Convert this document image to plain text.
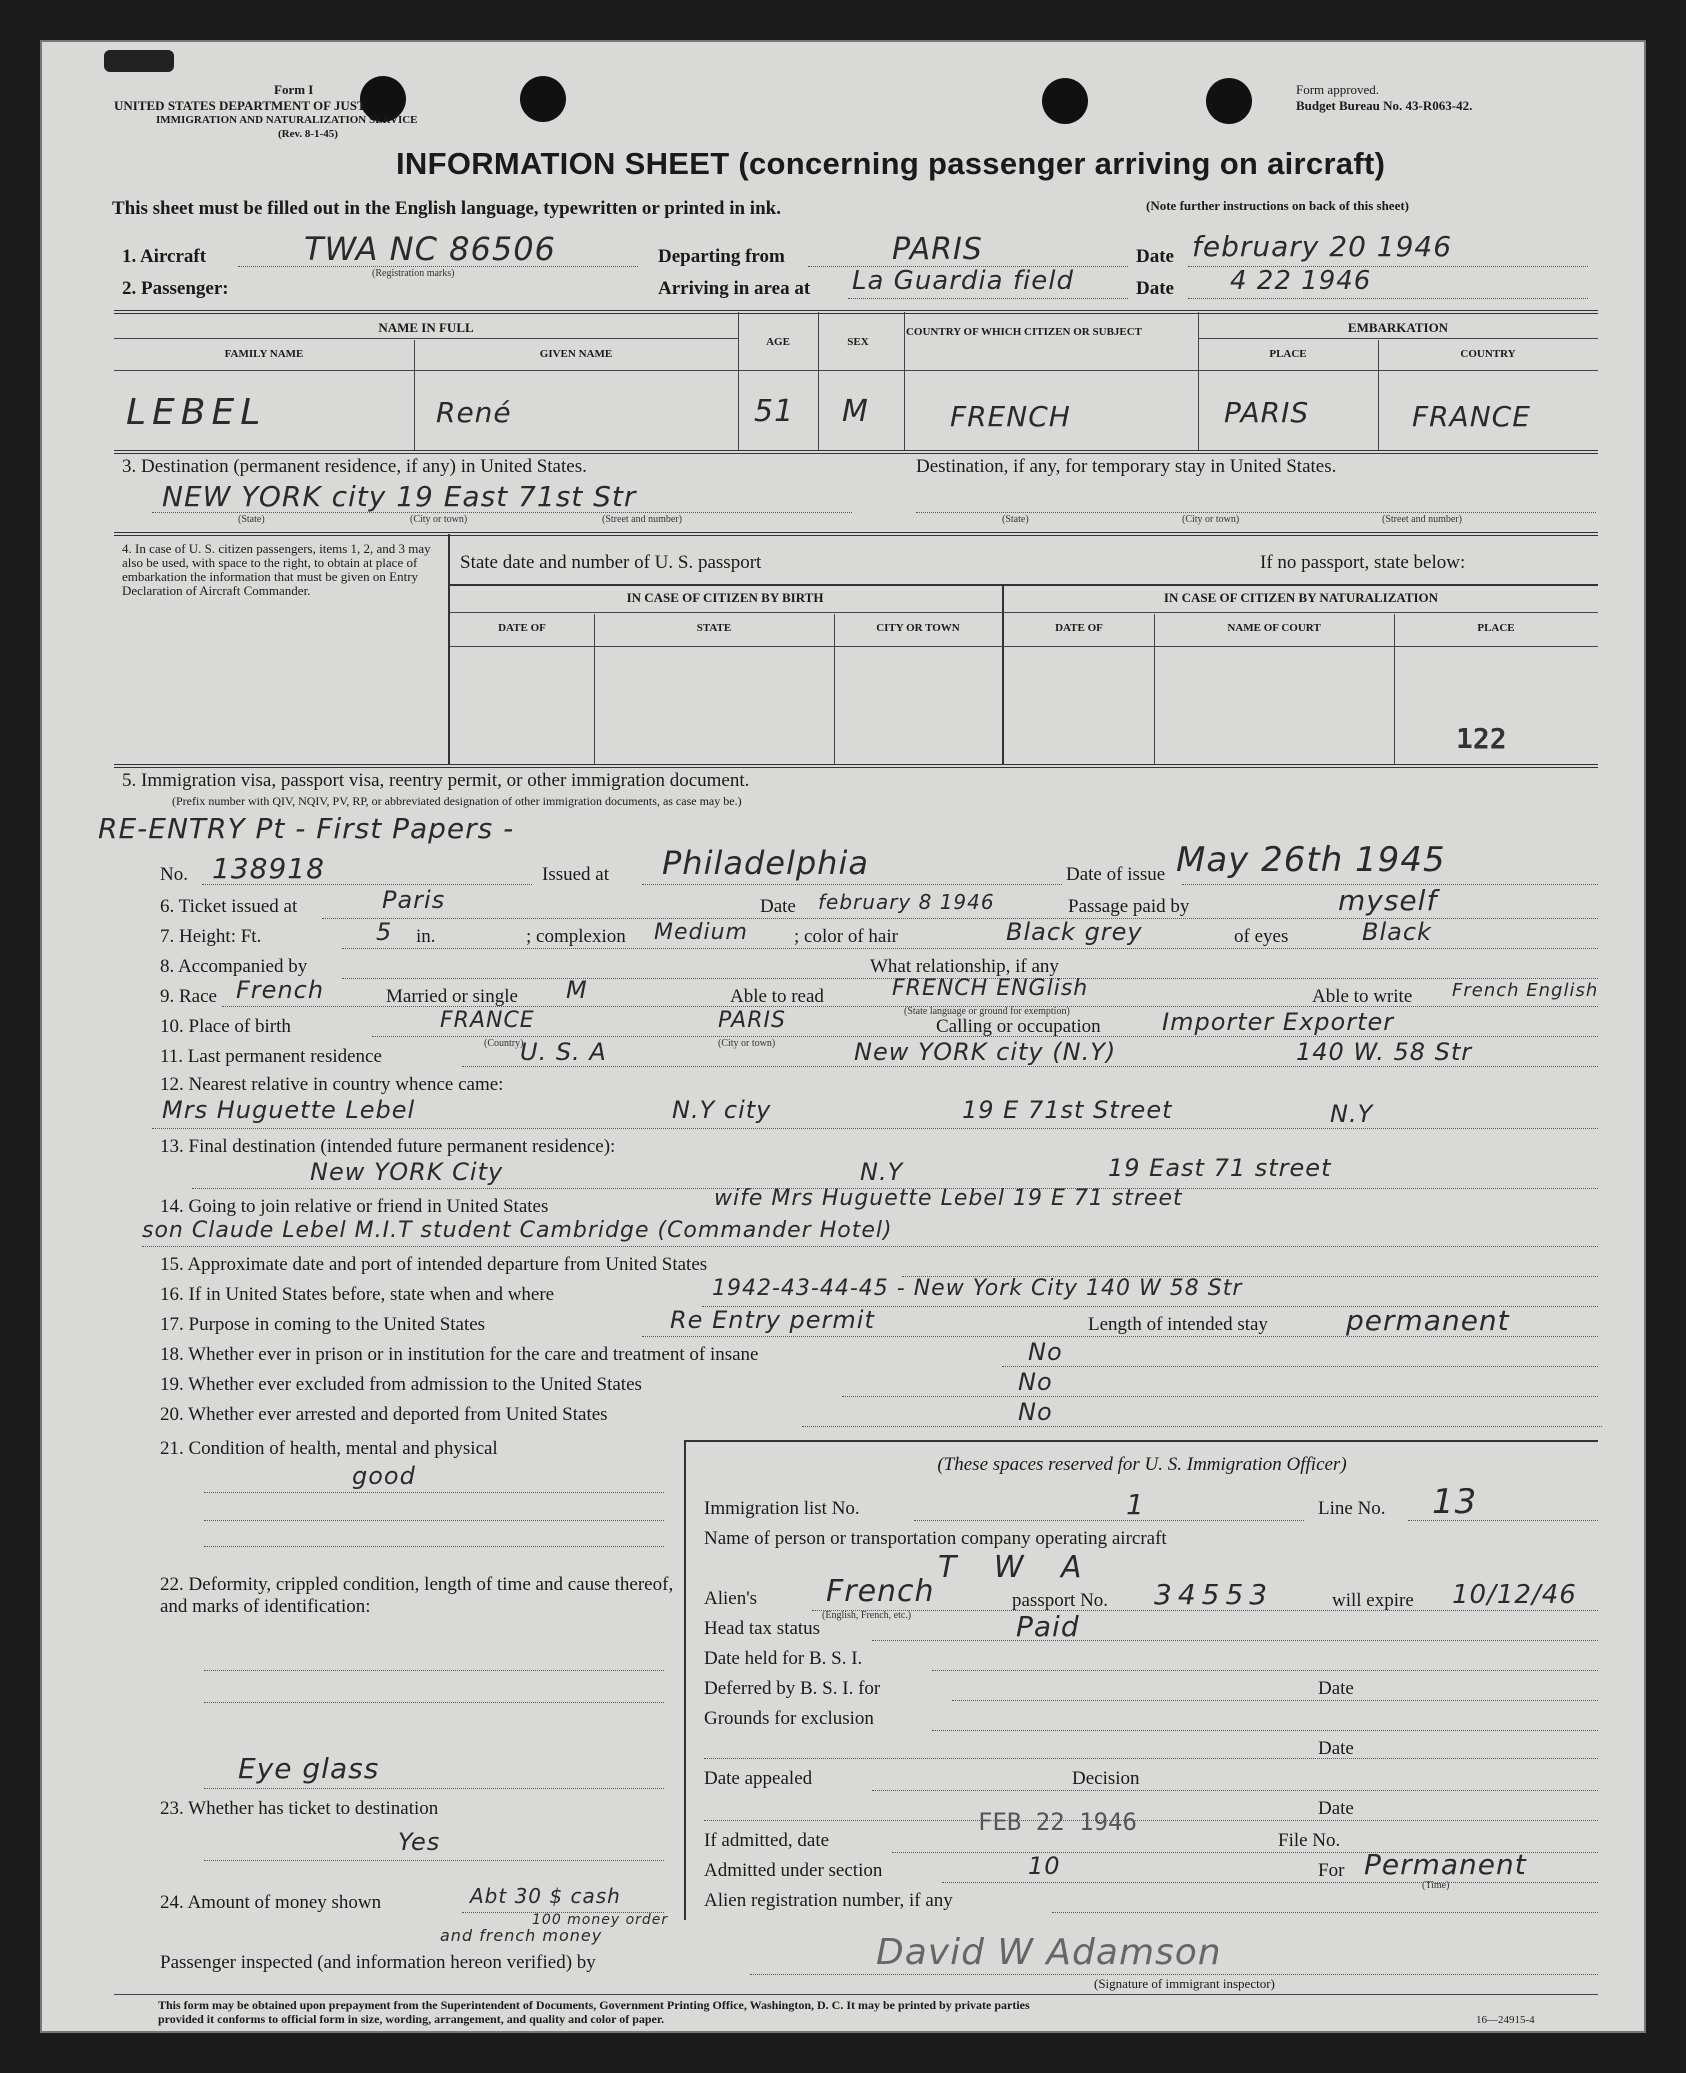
Form I
UNITED STATES DEPARTMENT OF JUST
IMMIGRATION AND NATURALIZATION SERVICE
(Rev. 8-1-45)
Form approved.
Budget Bureau No. 43-R063-42.
INFORMATION SHEET (concerning passenger arriving on aircraft)
This sheet must be filled out in the English language, typewritten or printed in ink.	(Note further instructions on back of this sheet)
1. Aircraft	TWA NC 86506
(Registration marks)
2. Passenger:
Departing from	PARIS
Arriving in area at La Guardia field
Date february 20 1946
Date 4 22 1946
NAME IN FULL
FAMILY NAME	GIVEN NAME
AGE	SEX
COUNTRY OF WHICH CITIZEN OR SUBJECT	EMBARKATION
PLACE	COUNTRY
LEBEL	René	51 M	FRENCH	PARIS	FRANCE
3. Destination (permanent residence, if any) in United States.	Destination, if any, for temporary stay in United States.
NEW YORK city 19 East 71st Str
(State)	(City or town)	(Street and number)	(State)	(City or town)	(Street and number)
4. In case of U. S. citizen passengers, items 1, 2, and 3 may also be used, with space to the right, to obtain at place of embarkation the information that must be given on Entry Declaration of Aircraft Commander.
State date and number of U. S. passport	If no passport, state below:
IN CASE OF CITIZEN BY BIRTH	IN CASE OF CITIZEN BY NATURALIZATION
DATE OF	STATE	CITY OR TOWN	DATE OF	NAME OF COURT	PLACE
122
5. Immigration visa, passport visa, reentry permit, or other immigration document.
(Prefix number with QIV, NQIV, PV, RP, or abbreviated designation of other immigration documents, as case may be.)
RE-ENTRY Pt - First Papers -
No. 138918	Issued at Philadelphia	Date of issue May 26th 1945
6. Ticket issued at	Paris	Date february 8 1946	Passage paid by	myself
7. Height: Ft.	5 in.	; complexion Medium ; color of hair	Black grey	of eyes	Black
8. Accompanied by	What relationship, if any
9. Race French	Married or single M	Able to read	FRENCH ENGlish
(State language or ground for exemption)
Able to write French English
10. Place of birth	FRANCE	PARIS	Calling or occupation	Importer Exporter
(Country)	(City or town)
11. Last permanent residence	U. S. A	New YORK city (N.Y)	140 W. 58 Str
12. Nearest relative in country whence came:
Mrs Huguette Lebel	N.Y city	19 E 71st Street	N.Y
13. Final destination (intended future permanent residence):
New YORK City	N.Y	19 East 71 street
14. Going to join relative or friend in United States	wife Mrs Huguette Lebel 19 E 71 street
son Claude Lebel M.I.T student Cambridge (Commander Hotel)
15. Approximate date and port of intended departure from United States
16. If in United States before, state when and where	1942-43-44-45 - New York City 140 W 58 Str
17. Purpose in coming to the United States	Re Entry permit	Length of intended stay	permanent
18. Whether ever in prison or in institution for the care and treatment of insane	No
19. Whether ever excluded from admission to the United States	No
20. Whether ever arrested and deported from United States	No
21. Condition of health, mental and physical
good
22. Deformity, crippled condition, length of time and cause thereof, and marks of identification:
Eye glass
23. Whether has ticket to destination
Yes
24. Amount of money shown	Abt 30 $ cash
100 money order
and french money
(These spaces reserved for U. S. Immigration Officer)
Immigration list No.	1	Line No. 13
Name of person or transportation company operating aircraft
T W A
Alien's French
(English, French, etc.)
passport No. 34553	will expire 10/12/46
Head tax status	Paid
Date held for B. S. I.
Deferred by B. S. I. for	Date
Grounds for exclusion
Date
Date appealed	Decision
Date
If admitted, date
FEB 22 1946
File No.
Admitted under section	10	For Permanent
(Time)
Alien registration number, if any
Passenger inspected (and information hereon verified) by	David W Adamson
(Signature of immigrant inspector)
This form may be obtained upon prepayment from the Superintendent of Documents, Government Printing Office, Washington, D. C. It may be printed by private parties
provided it conforms to official form in size, wording, arrangement, and quality and color of paper.	16—24915-4
